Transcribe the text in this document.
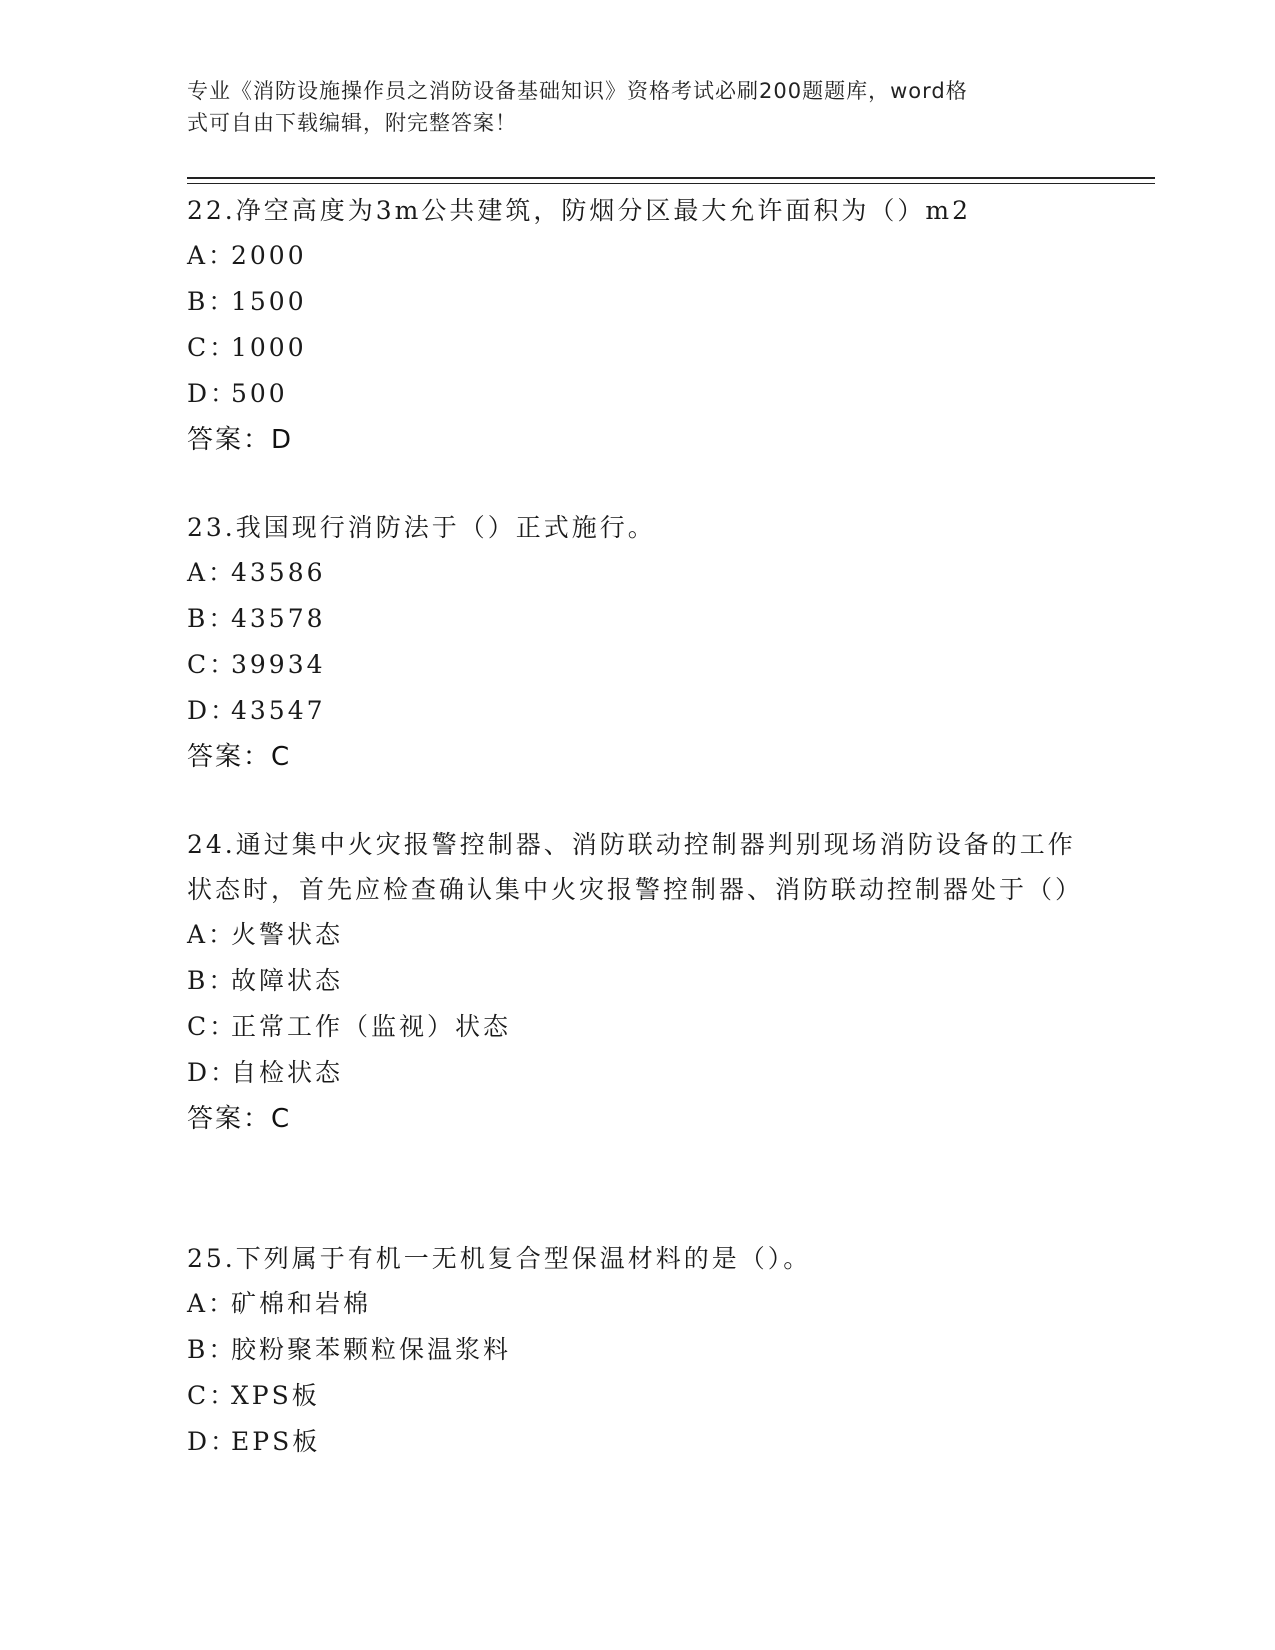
专业《消防设施操作员之消防设备基础知识》资格考试必刷200题题库，word格
式可自由下载编辑，附完整答案！

22.净空高度为3m公共建筑，防烟分区最大允许面积为（）m2

A：
2000
B：
1500
C：
1000
D：
500
答案：D

23.我国现行消防法于（）正式施行。

A：
43586
B：
43578
C：
39934
D：
43547
答案：C

24.通过集中火灾报警控制器、消防联动控制器判别现场消防设备的工作状态时，首先应检查确认集中火灾报警控制器、消防联动控制器处于（）

A：
火警状态
B：
故障状态
C：
正常工作（监视）状态
D：
自检状态
答案：C

25.下列属于有机一无机复合型保温材料的是（）。

A：
矿棉和岩棉
B：
胶粉聚苯颗粒保温浆料
C：
XPS板
D：
EPS板
